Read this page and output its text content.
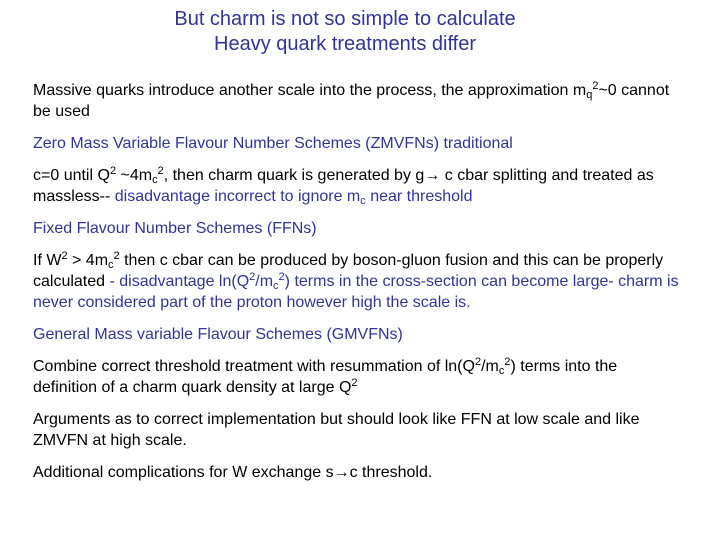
But charm is not so simple to calculate
Heavy quark treatments differ
Massive quarks introduce another scale into the process, the approximation $m_q^2\sim 0$ cannot be used
Zero Mass Variable Flavour Number Schemes (ZMVFNs) traditional
c=0 until $Q^2$ $\sim 4m_c^2$, then charm quark is generated by g→ c cbar splitting and treated as massless-- disadvantage incorrect to ignore $m_c$ near threshold
Fixed Flavour Number Schemes (FFNs)
If $W^2 > 4m_c^2$ then c cbar can be produced by boson-gluon fusion and this can be properly calculated - disadvantage $\ln(Q^2/m_c^2)$ terms in the cross-section can become large- charm is never considered part of the proton however high the scale is.
General Mass variable Flavour Schemes (GMVFNs)
Combine correct threshold treatment with resummation of $\ln(Q^2/m_c^2)$ terms into the definition of a charm quark density at large $Q^2$
Arguments as to correct implementation but should look like FFN at low scale and like ZMVFN at high scale.
Additional complications for W exchange s→c threshold.
